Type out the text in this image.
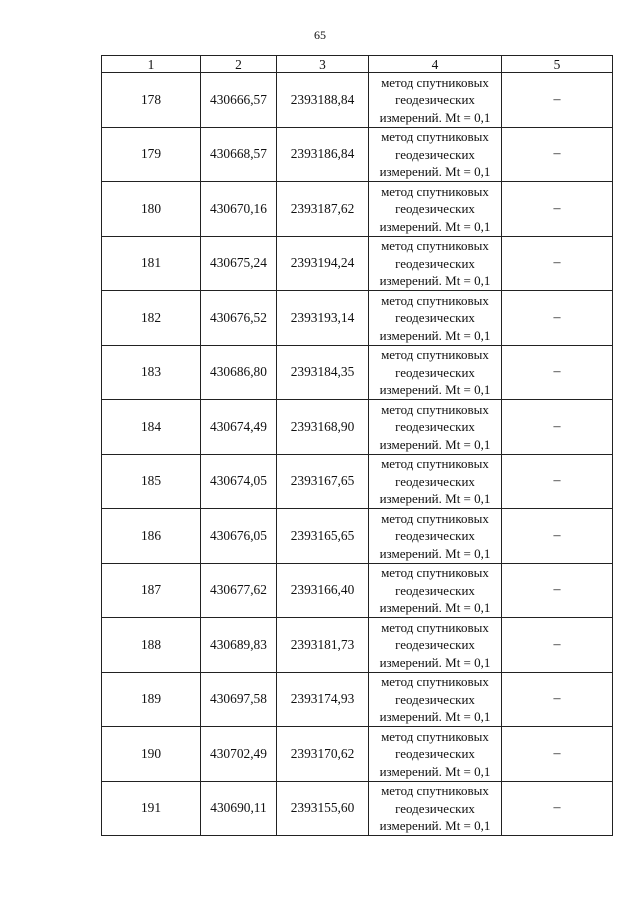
65
1	2	3	4	5
178	430666,57	2393188,84	метод спутниковых
геодезических
измерений. Mt = 0,1	–
179	430668,57	2393186,84	метод спутниковых
геодезических
измерений. Mt = 0,1	–
180	430670,16	2393187,62	метод спутниковых
геодезических
измерений. Mt = 0,1	–
181	430675,24	2393194,24	метод спутниковых
геодезических
измерений. Mt = 0,1	–
182	430676,52	2393193,14	метод спутниковых
геодезических
измерений. Mt = 0,1	–
183	430686,80	2393184,35	метод спутниковых
геодезических
измерений. Mt = 0,1	–
184	430674,49	2393168,90	метод спутниковых
геодезических
измерений. Mt = 0,1	–
185	430674,05	2393167,65	метод спутниковых
геодезических
измерений. Mt = 0,1	–
186	430676,05	2393165,65	метод спутниковых
геодезических
измерений. Mt = 0,1	–
187	430677,62	2393166,40	метод спутниковых
геодезических
измерений. Mt = 0,1	–
188	430689,83	2393181,73	метод спутниковых
геодезических
измерений. Mt = 0,1	–
189	430697,58	2393174,93	метод спутниковых
геодезических
измерений. Mt = 0,1	–
190	430702,49	2393170,62	метод спутниковых
геодезических
измерений. Mt = 0,1	–
191	430690,11	2393155,60	метод спутниковых
геодезических
измерений. Mt = 0,1	–
